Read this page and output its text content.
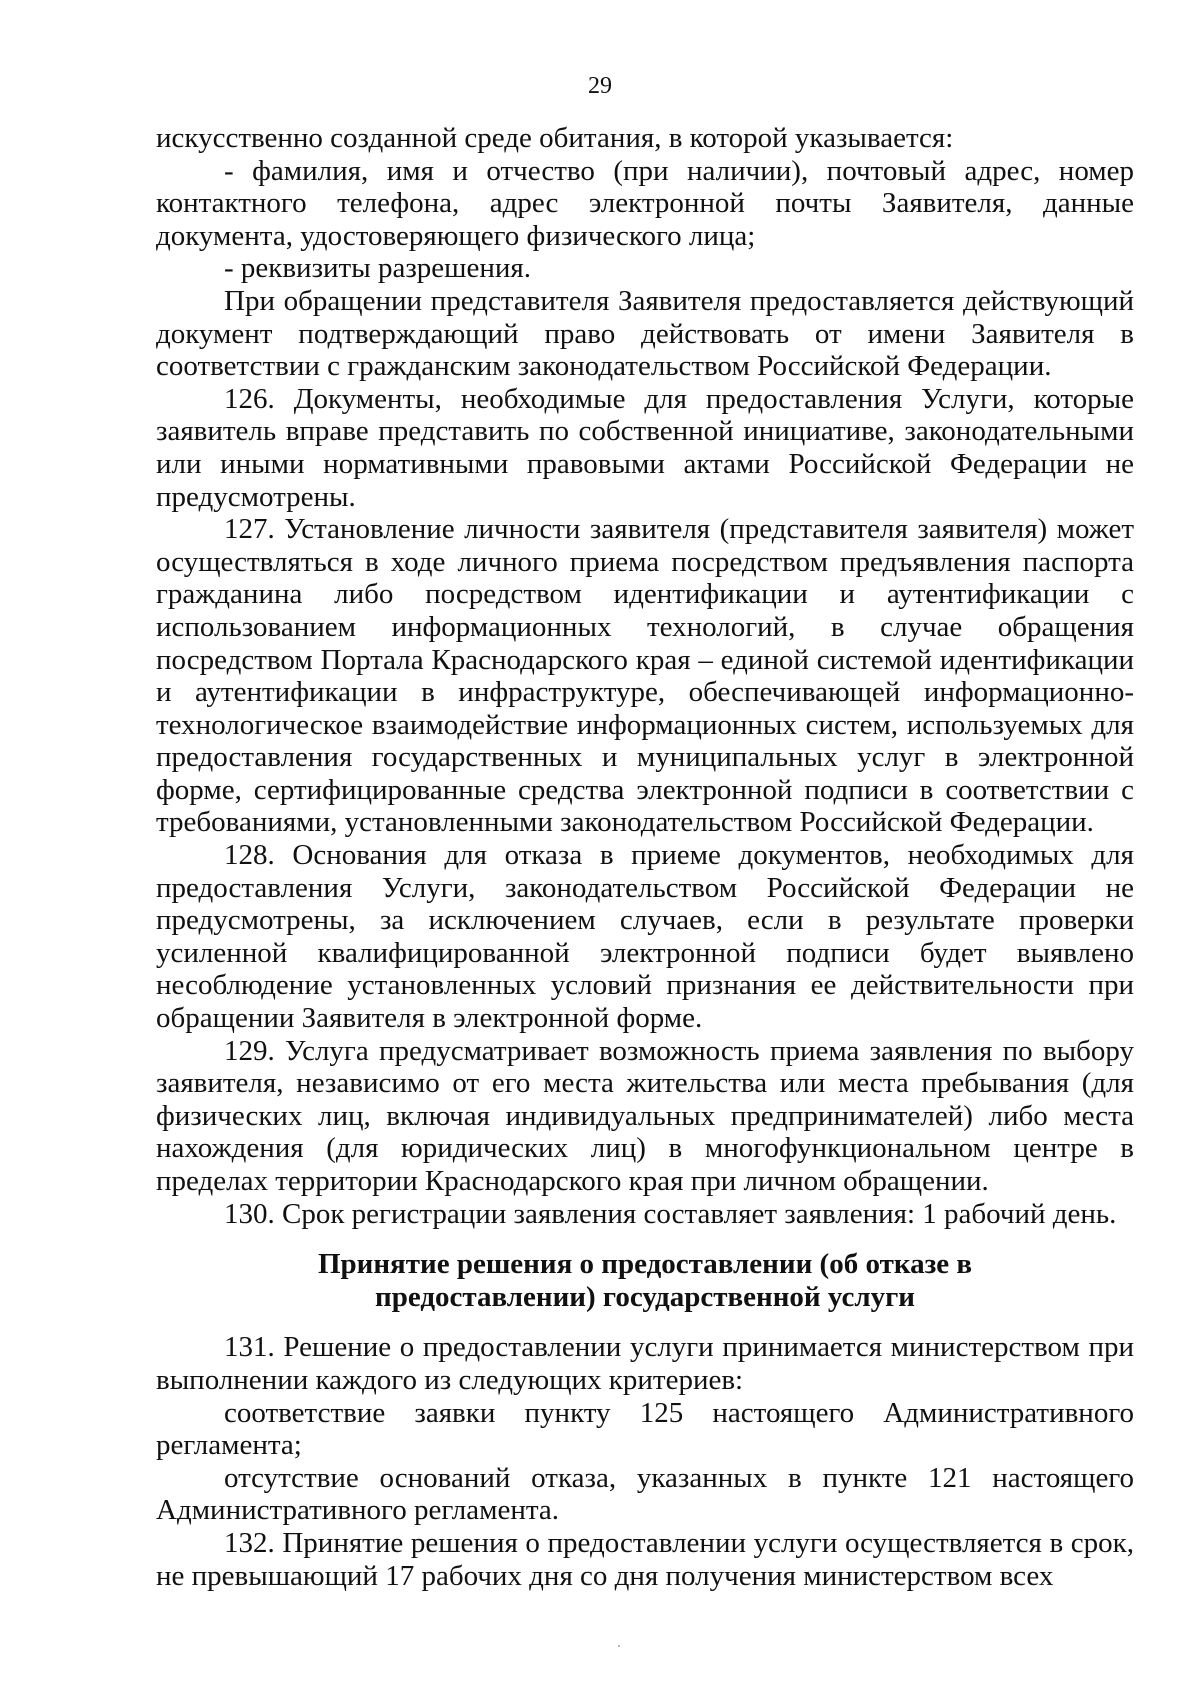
29

искусственно созданной среде обитания, в которой указывается:

- фамилия, имя и отчество (при наличии), почтовый адрес, номер контактного телефона, адрес электронной почты Заявителя, данные документа, удостоверяющего физического лица;

- реквизиты разрешения.

При обращении представителя Заявителя предоставляется действующий документ подтверждающий право действовать от имени Заявителя в соответствии с гражданским законодательством Российской Федерации.

126. Документы, необходимые для предоставления Услуги, которые заявитель вправе представить по собственной инициативе, законодательными или иными нормативными правовыми актами Российской Федерации не предусмотрены.

127. Установление личности заявителя (представителя заявителя) может осуществляться в ходе личного приема посредством предъявления паспорта гражданина либо посредством идентификации и аутентификации с использованием информационных технологий, в случае обращения посредством Портала Краснодарского края – единой системой идентификации и аутентификации в инфраструктуре, обеспечивающей информационно-технологическое взаимодействие информационных систем, используемых для предоставления государственных и муниципальных услуг в электронной форме, сертифицированные средства электронной подписи в соответствии с требованиями, установленными законодательством Российской Федерации.

128. Основания для отказа в приеме документов, необходимых для предоставления Услуги, законодательством Российской Федерации не предусмотрены, за исключением случаев, если в результате проверки усиленной квалифицированной электронной подписи будет выявлено несоблюдение установленных условий признания ее действительности при обращении Заявителя в электронной форме.

129. Услуга предусматривает возможность приема заявления по выбору заявителя, независимо от его места жительства или места пребывания (для физических лиц, включая индивидуальных предпринимателей) либо места нахождения (для юридических лиц) в многофункциональном центре в пределах территории Краснодарского края при личном обращении.

130. Срок регистрации заявления составляет заявления: 1 рабочий день.

Принятие решения о предоставлении (об отказе в
предоставлении) государственной услуги

131. Решение о предоставлении услуги принимается министерством при выполнении каждого из следующих критериев:

соответствие заявки пункту 125 настоящего Административного регламента;

отсутствие оснований отказа, указанных в пункте 121 настоящего Административного регламента.

132. Принятие решения о предоставлении услуги осуществляется в срок, не превышающий 17 рабочих дня со дня получения министерством всех
